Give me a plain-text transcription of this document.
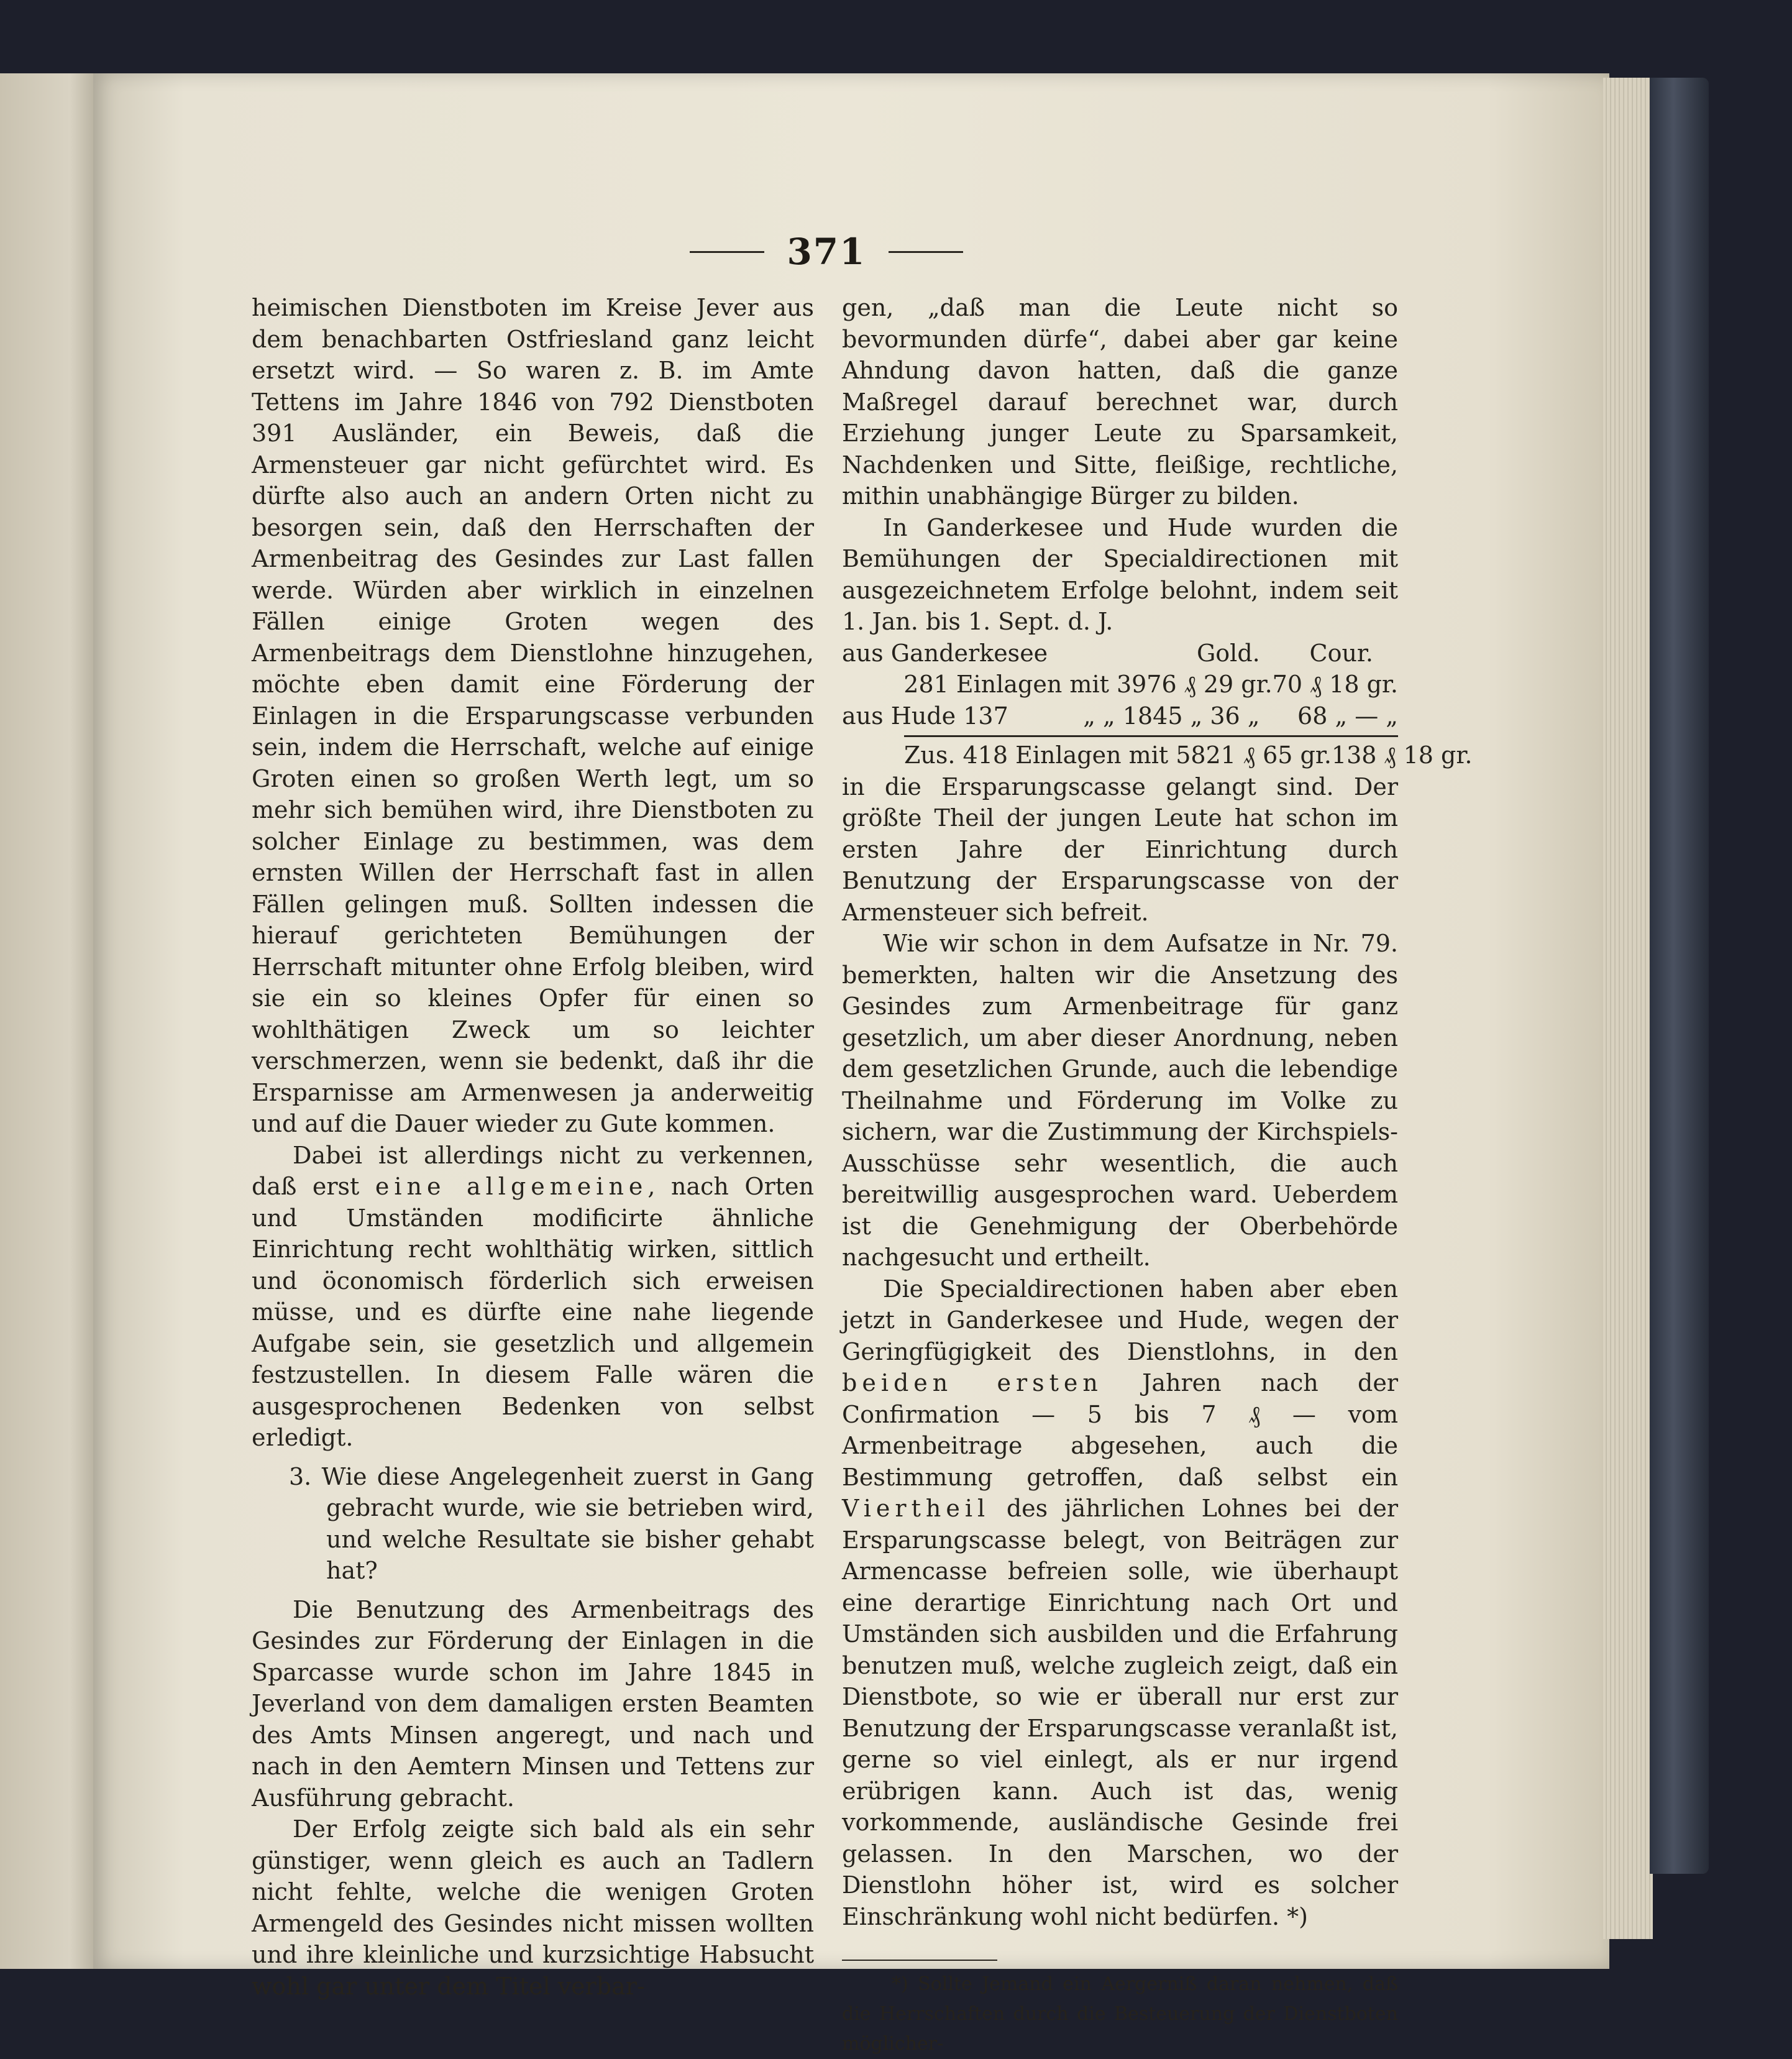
371

heimischen Dienstboten im Kreise Jever aus dem benachbarten Ostfriesland ganz leicht ersetzt wird. — So waren z. B. im Amte Tettens im Jahre 1846 von 792 Dienstboten 391 Ausländer, ein Beweis, daß die Armensteuer gar nicht gefürchtet wird. Es dürfte also auch an andern Orten nicht zu besorgen sein, daß den Herrschaften der Armenbeitrag des Gesindes zur Last fallen werde. Würden aber wirklich in einzelnen Fällen einige Groten wegen des Armenbeitrags dem Dienstlohne hinzugehen, möchte eben damit eine Förderung der Einlagen in die Ersparungscasse verbunden sein, indem die Herrschaft, welche auf einige Groten einen so großen Werth legt, um so mehr sich bemühen wird, ihre Dienstboten zu solcher Einlage zu bestimmen, was dem ernsten Willen der Herrschaft fast in allen Fällen gelingen muß. Sollten indessen die hierauf gerichteten Bemühungen der Herrschaft mitunter ohne Erfolg bleiben, wird sie ein so kleines Opfer für einen so wohlthätigen Zweck um so leichter verschmerzen, wenn sie bedenkt, daß ihr die Ersparnisse am Armenwesen ja anderweitig und auf die Dauer wieder zu Gute kommen.

Dabei ist allerdings nicht zu verkennen, daß erst eine allgemeine, nach Orten und Umständen modificirte ähnliche Einrichtung recht wohlthätig wirken, sittlich und öconomisch förderlich sich erweisen müsse, und es dürfte eine nahe liegende Aufgabe sein, sie gesetzlich und allgemein festzustellen. In diesem Falle wären die ausgesprochenen Bedenken von selbst erledigt.

3. Wie diese Angelegenheit zuerst in Gang gebracht wurde, wie sie betrieben wird, und welche Resultate sie bisher gehabt hat?

Die Benutzung des Armenbeitrags des Gesindes zur Förderung der Einlagen in die Sparcasse wurde schon im Jahre 1845 in Jeverland von dem damaligen ersten Beamten des Amts Minsen angeregt, und nach und nach in den Aemtern Minsen und Tettens zur Ausführung gebracht.

Der Erfolg zeigte sich bald als ein sehr günstiger, wenn gleich es auch an Tadlern nicht fehlte, welche die wenigen Groten Armengeld des Gesindes nicht missen wollten und ihre kleinliche und kurzsichtige Habsucht wohl gar unter dem Titel verbar-

gen, „daß man die Leute nicht so bevormunden dürfe“, dabei aber gar keine Ahndung davon hatten, daß die ganze Maßregel darauf berechnet war, durch Erziehung junger Leute zu Sparsamkeit, Nachdenken und Sitte, fleißige, rechtliche, mithin unabhängige Bürger zu bilden.

In Ganderkesee und Hude wurden die Bemühungen der Specialdirectionen mit ausgezeichnetem Erfolge belohnt, indem seit 1. Jan. bis 1. Sept. d. J.

aus Ganderkesee	Gold. Cour.
281 Einlagen mit 3976 ₰ 29 gr. 70 ₰ 18 gr.
aus Hude 137	„ „ 1845 „ 36 „ 68 „ — „
Zus. 418 Einlagen mit 5821 ₰ 65 gr. 138 ₰ 18 gr.

in die Ersparungscasse gelangt sind. Der größte Theil der jungen Leute hat schon im ersten Jahre der Einrichtung durch Benutzung der Ersparungscasse von der Armensteuer sich befreit.

Wie wir schon in dem Aufsatze in Nr. 79. bemerkten, halten wir die Ansetzung des Gesindes zum Armenbeitrage für ganz gesetzlich, um aber dieser Anordnung, neben dem gesetzlichen Grunde, auch die lebendige Theilnahme und Förderung im Volke zu sichern, war die Zustimmung der Kirchspiels-Ausschüsse sehr wesentlich, die auch bereitwillig ausgesprochen ward. Ueberdem ist die Genehmigung der Oberbehörde nachgesucht und ertheilt.

Die Specialdirectionen haben aber eben jetzt in Ganderkesee und Hude, wegen der Geringfügigkeit des Dienstlohns, in den beiden ersten Jahren nach der Confirmation — 5 bis 7 ₰ — vom Armenbeitrage abgesehen, auch die Bestimmung getroffen, daß selbst ein Viertheil des jährlichen Lohnes bei der Ersparungscasse belegt, von Beiträgen zur Armencasse befreien solle, wie überhaupt eine derartige Einrichtung nach Ort und Umständen sich ausbilden und die Erfahrung benutzen muß, welche zugleich zeigt, daß ein Dienstbote, so wie er überall nur erst zur Benutzung der Ersparungscasse veranlaßt ist, gerne so viel einlegt, als er nur irgend erübrigen kann. Auch ist das, wenig vorkommende, ausländische Gesinde frei gelassen. In den Marschen, wo der Dienstlohn höher ist, wird es solcher Einschränkung wohl nicht bedürfen. *)

*) Sollte Jemand ein Aergerniß daran nehmen, daß die Herrschaften durch die Besteuerung der Dienstboten möglicher-
